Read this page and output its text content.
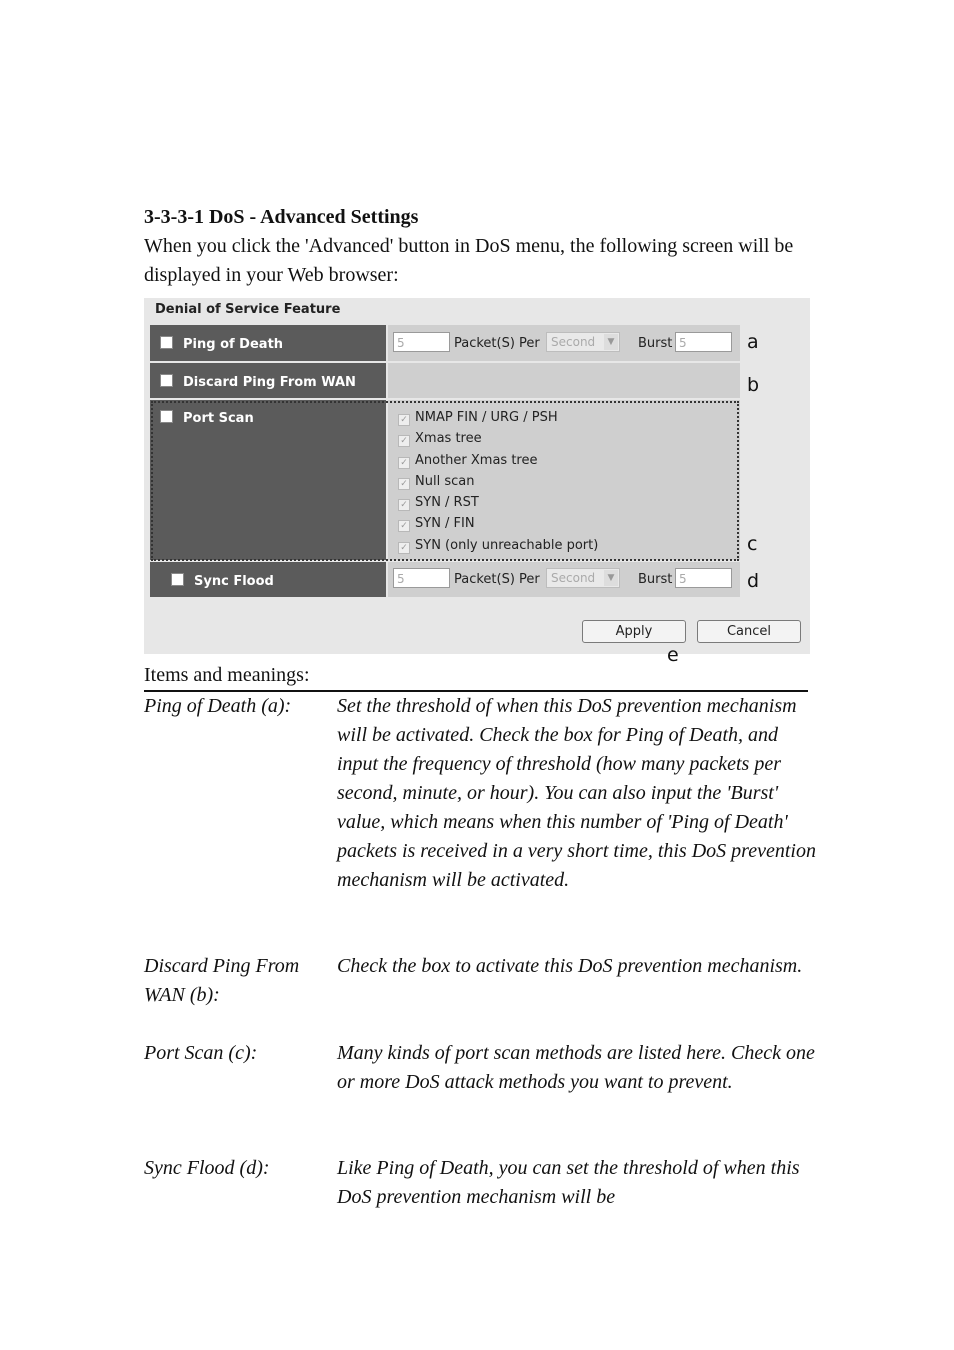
3-3-3-1 DoS - Advanced Settings

When you click the 'Advanced' button in DoS menu, the following screen will be displayed in your Web browser:

Denial of Service Feature
Ping of Death	5	Packet(S) Per Second	▼ Burst 5
Discard Ping From WAN
Port Scan	✓ NMAP FIN / URG / PSH
✓ Xmas tree
✓ Another Xmas tree
✓ Null scan
✓ SYN / RST
✓ SYN / FIN
✓ SYN (only unreachable port)
Sync Flood	5	Packet(S) Per Second	▼ Burst 5
Apply	Cancel
a
b
c
d
e

Items and meanings:

Ping of Death (a): Set the threshold of when this DoS prevention mechanism will be activated. Check the box for Ping of Death, and input the frequency of threshold (how many packets per second, minute, or hour). You can also input the 'Burst' value, which means when this number of 'Ping of Death' packets is received in a very short time, this DoS prevention mechanism will be activated.

Discard Ping From WAN (b):

Check the box to activate this DoS prevention mechanism.

Port Scan (c):	Many kinds of port scan methods are listed here. Check one or more DoS attack methods you want to prevent.

Sync Flood (d):	Like Ping of Death, you can set the threshold of when this DoS prevention mechanism will be
